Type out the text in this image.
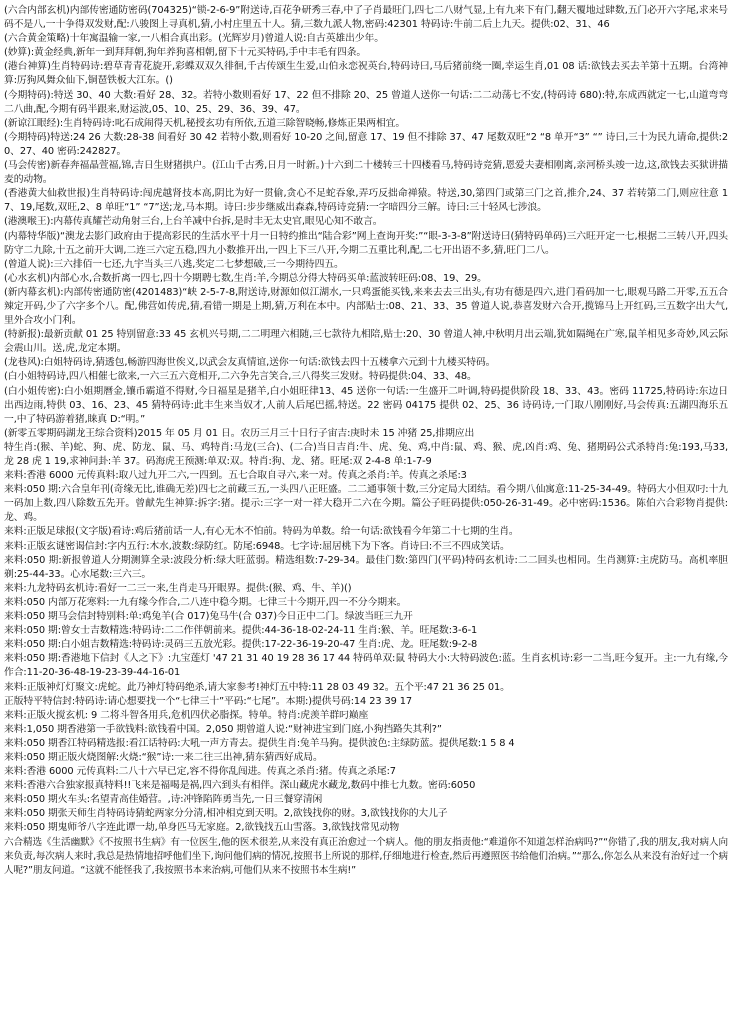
(六合内部玄机)内部传密通防密码(704325)“锁-2-6-9”附送诗,百花争研秀三春,中了子肖最旺门,四七二八财气显,上有九来下有门,翻天覆地过肆数,五门必开六字尾,求来号码不是八,一十争得双发财,配:八骏图上寻真机,猜,小村庄里五十人。猜,三数九派人物,密码:42301 特码诗:牛前二后上九天。提供:02、31、46

(六合黄金策略)十年寓温输一家,一八相合真出彩。(光辉岁月)曾道人说:自古英雄出少年。

(妙算):黄金经典,新年一到拜拜朝,狗年养狗喜相朝,留下十元买特码,手中丰毛有四条。

(港台神算)生肖特码诗:碧草青青花旋开,彩蝶双双久徘徊,千古传颂生生爱,山伯永恋祝英台,特码诗曰,马后猪前绕一圈,幸运生肖,01 08 话:欲钱去买去羊第十五期。台湾神算:厉狗风舞众仙下,铜琶铁板大江东。()

(今期特码):特送 30、40 大数:看好 28、32。若特小数则看好 17、22 但不排除 20、25 曾道人送你一句话:二二动荡七不安,(特码诗 680):特,东成西就定一七,山道弯弯二八曲,配,今期有码半跟来,财运波,05、10、25、29、36、39、47。

(新谅江眼经):生肖特码诗:叱石成闹得天机,秘授玄功有所依,五道三除智晓畅,修炼正果两相宜。

(今期特码)特送:24 26 大数:28-38 间看好 30 42 若特小数,则看好 10-20 之间,留意 17、19 但不排除 37、47 尾数双旺“2 “8 单开“3” “” 诗曰,三十为民九请命,提供:20、27、40 密码:242827。

(马会传密)新春奔福晶萱福,锦,吉日生财猪拱户。(江山千古秀,日月一时新。)十六到二十楼转三十四楼看马,特码诗竞猜,恩爱夫妻相刚离,亲河桥头竣一边,这,欲钱去买狱讲描麦的动物。

(香港黄大仙救世报)生肖特码诗:闯虎越肾技本高,阴比为好一贯偷,贪心不足蛇吞象,弄巧反拙命禅猿。特送,30,第四门或第三门之首,推介,24、37 若转第二门,则应往意 17、19,尾数,双旺,2、8 单旺“1” “7”送;龙,马本期。诗曰:步步继威出森森,特码诗竞猜:一字暗四分三解。诗曰:三十轻风七涉浪。

(港澳喉王):内幕传真耀芒动角射三台,上台羊减中台拆,是时丰无太史官,眼见心知不敢言。

(内幕特华版)“澳龙去影门政府由于提高彩民的生活水平十月一日特约推出“陆合彩”网上查询开奖:”“眼-3-3-8”附送诗曰(猜特码单码)三六旺开定一七,根据二三转八开,四头防守二九除,十五之前开大调,二连三六定五稳,四九小数推开出,一四上下三八开,今期二五重比利,配,二七开出语不多,猜,旺门二八。

(曾道人说):三六排佰一七还,九宇当头三八逃,奖定二七梦想破,三一今期待四五。

(心水玄机)内部心水,合数折离一四七,四十今期聘七数,生肖:羊,今期总分得大特码买单:蓝波转旺码:08、19、29。

(新内幕玄机):内部传密通防密(4201483)“峡 2-5-7-8,附送诗,财源如似江湖水,一只鸡蛋能买钱,来来去去三出头,有功有德是四六,进门看码加一七,眼观马路二开零,五五合辣定开码,少了六字多个八。配,佛营如传虎,猜,看错一期是上期,猜,万利在本中。内部贴士:08、21、33、35 曾道人说,恭喜发财六合开,揽锦马上开红码,三五数字出大气,里外合攻小门利。

(特新报):最新贡献 01 25 特别留意:33 45 玄机兴号期,二二明理六相随,三七款待九相陪,贴士:20、30 曾道人神,中秋明月出云端,犹如隔绳在广寒,鼠羊相见多奇妙,风云际会震山川。送,虎,龙定本期。

(龙巷风):白姐特码诗,猜透包,畅游四海世俟义,以武会友真情谊,送你一句话:欲钱去四十五楼拿六元到十九楼买特码。

(白小姐特码诗,四八相催七欲来,一六三五六竟相开,二六争先言笑合,三八得奖三发财。特码提供:04、33、48。

(白小姐传密):白小姐期曆金,镶币霸道不得财,今日福星是猪羊,白小姐旺律13、45 送你一句话:一生盛开二叶调,特码提供阶段 18、33、43。密码 11725,特码诗:东边日出西边雨,特供 03、16、23、45 猜特码诗:此丰生来当奴才,人前人后尾巴摇,特送。22 密码 04175 提供 02、25、36 诗码诗,一门取八刚刚好,马会传真:五湖四海乐五一,中了特码游着猪,睐真 D:“明。”

(新零五零期码湖龙王综合资料)2015 年 05 月 01 日。农历三月三十日行子宙吉:庚时未 15 冲猪 25,排期应出

特生肖:(猴、羊)蛇、狗、虎、防龙、鼠、马、鸡特肖:马龙(三合)、(二合)当日吉肖:牛、虎、兔、鸡,中肖:鼠、鸡、猴、虎,凶肖:鸡、兔、猪期码公式杀特肖:兔:193,马33,龙 28 虎 1 19,求神问卦:羊 37。码海虎王预测:单双:双。特肖:狗、龙、猪。旺尾:双 2-4-8 单:1-7-9

来料:香港 6000 元传真料:取八过九开二六,一四到。五七合取自寻六,来一对。传真之杀肖:羊。传真之杀尾:3

来料:050 期:六合皇年刊(奇缘无比,谁确无差)四七之前藏三五,一头四八正旺盛。二二通事领十数,三分定局大团结。看今期八仙寓意:11-25-34-49。特码大小但双叼:十九一码加上数,四八除数五先开。曾献先生神算:拆字:猪。提示:三字一对一祥大稳开二六在今期。篇公子旺码提供:050-26-31-49。必中密码:1536。陈伯六合彩物肖提供:龙、鸡。

来料:正版足球报(文字版)看诗:鸡后猪前话一人,有心无木不怕前。特码为单数。给一句话:欲钱看今年第二十七期的生肖。

来料:正版玄谜密谒信封:字内五行:木水,波数:绿防红。防尾:6948。七字诗:屈居桃下为下客。肖诗曰:不三不四成笑话。

来料:050 期:新报曾道人分期测算全录:波段分析:绿大旺蓝弱。精选组数:7-29-34。最佳门数:第四门(平码)特码玄机诗:二二回头也相同。生肖测算:主虎防马。高机率胆剃:25-44-33。心水尾数:三六三。

来料:九龙特码玄机诗:看好一二三一来,生肖走马开眼界。提供:(猴、鸡、牛、羊)()

来料:050 内部万花寒料:一九有缘今作合,二八连中稳今期。七律三十今期开,四一不分今期来。

来料:050 期马会信封特别料:单:鸡兔羊(合 017)兔马牛(合 037)今日正中二门。绿波当旺三九开

来料:050 期:曾女士吉数精选:特码诗:二二作伴朝前来。提供:44-36-18-02-24-11 生肖:猴、羊。旺尾数:3-6-1

来料:050 期:白小姐吉数精选:特码诗:灵码三五放光彩。提供:17-22-36-19-20-47 生肖:虎、龙。旺尾数:9-2-8

来料:050 期:香港地下信封《人之下》:九宝莲灯 '47 21 31 40 19 28 36 17 44 特码单双:鼠 特码大小:大特码波色:蓝。生肖玄机诗:彩一二当,旺今复开。主:一九有缘,今作合:11-20-36-48-19-23-39-44-16-01

来料:正版神灯灯聚文:虎蛇。此乃神灯特码绝杀,请大家参考!神灯五中特:11 28 03 49 32。五个平:47 21 36 25 01。

正版特平特信封:特码诗:请心想要找一个“七律三十”平码:“七尾”。本期:)提供号码:14 23 39 17

来料:正版火搅玄机: 9 二将斗智各用兵,危机四伏必脂探。特单。特肖:虎羡羊群叼巅座

来料:1,050 期香港第一手欲钱料:欲钱看中国。2,050 期曾道人说:“财神进宝到门庭,小狗挡路失其利?”

来料:050 期香江特码精选报:看江话特码:大吼一声方青去。提供生肖:兔羊马狗。提供波色:主绿防蓝。提供尾数:1 5 8 4

来料:050 期正版火烧图解:火烧:“猴”诗:一来二往三出神,猜东猜西好成局。

来料:香港 6000 元传真料:二八十六早已定,容不得你乱闯进。传真之杀肖:猪。传真之杀尾:7

来料:香港六合独家报真特料!!飞来是福喝是祸,四六到头有相伴。深山藏虎水藏龙,数码中推七九数。密码:6050

来料:050 期火车头:名望青高佳婚营。,诗:冲锋陷阵勇当先,一日三餐穿清闲

来料:050 期张天师生肖特码诗猜蛇两家分分清,相冲相克到天明。2,欲钱找你的财。3,欲钱找你的大儿子

来料:050 期鬼师爷八字连此谭一劫,单身匹马无家庭。2,欲钱找五山雪落。3,欲钱找常见动物

六合精选《生活幽默》《不按照书生病》有一位医生,他的医术很差,从来没有真正治愈过一个病人。他的朋友指责他:“难道你不知道怎样治病吗?”“你错了,我的朋友,我对病人向来负责,每次病人来时,我总是热情地招呼他们坐下,询问他们病的情况,按照书上所说的那样,仔细地进行检查,然后再遵照医书给他们治病。”“那么,你怎么从来没有治好过一个病人呢?”朋友问道。“这就不能怪我了,我按照书本来治病,可他们从来不按照书本生病!”
